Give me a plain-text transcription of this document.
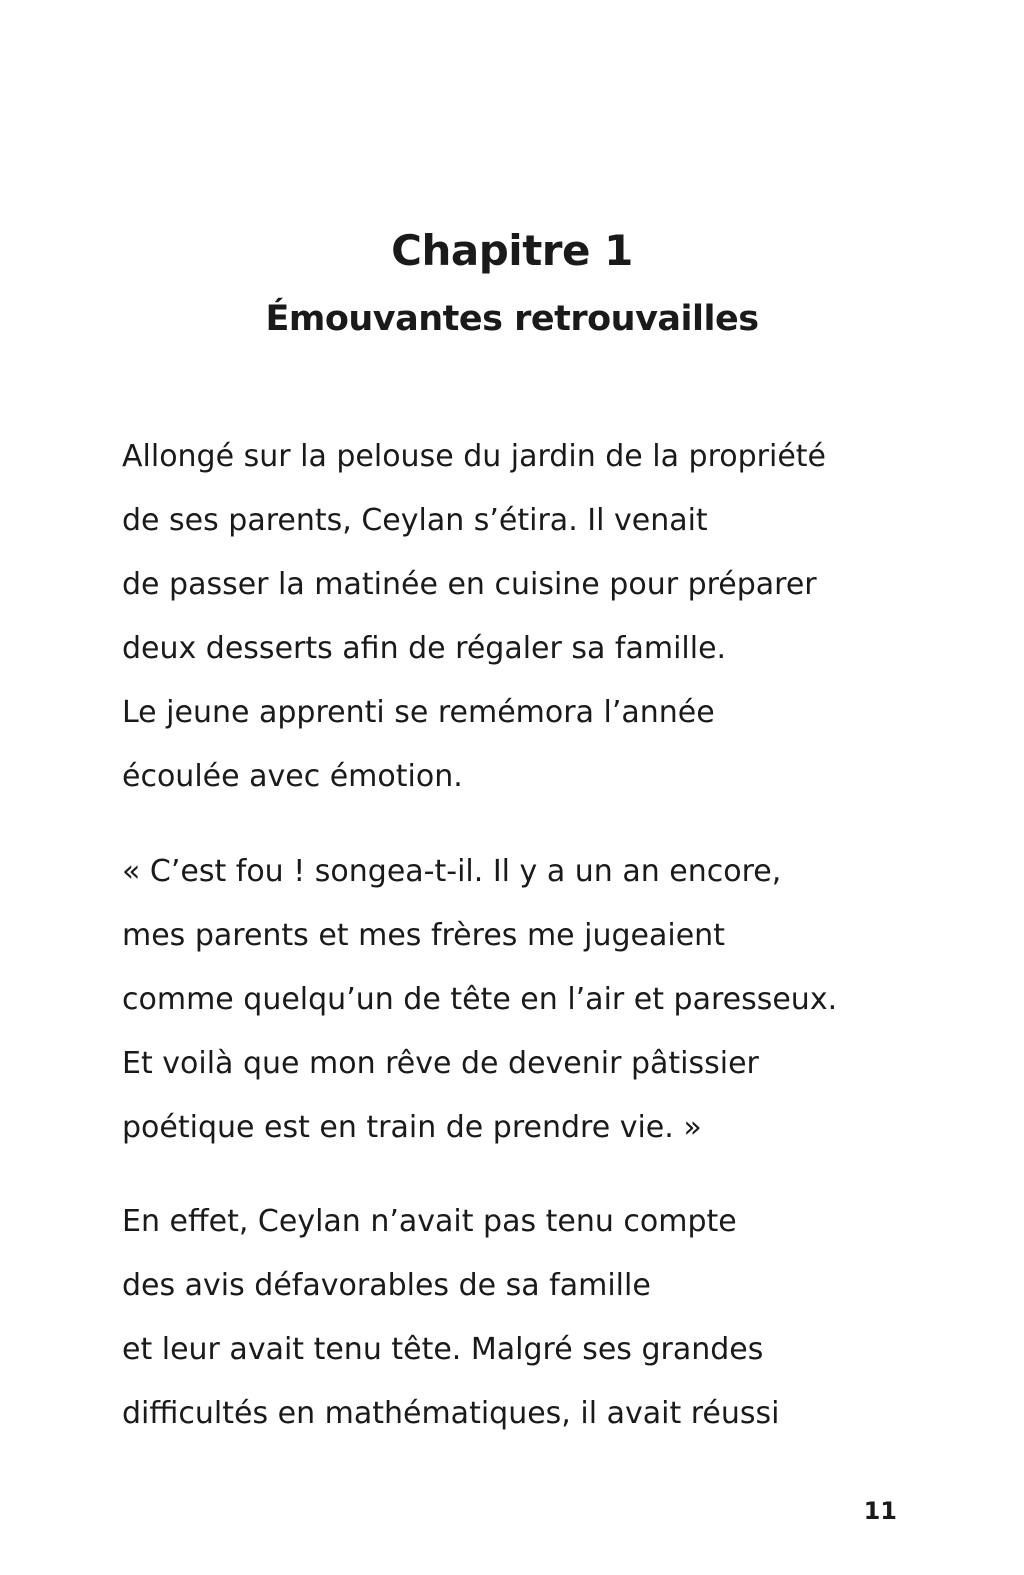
Chapitre 1
Émouvantes retrouvailles

Allongé sur la pelouse du jardin de la propriété
de ses parents, Ceylan s’étira. Il venait
de passer la matinée en cuisine pour préparer
deux desserts afin de régaler sa famille.
Le jeune apprenti se remémora l’année
écoulée avec émotion.

« C’est fou ! songea-t-il. Il y a un an encore,
mes parents et mes frères me jugeaient
comme quelqu’un de tête en l’air et paresseux.
Et voilà que mon rêve de devenir pâtissier
poétique est en train de prendre vie. »

En effet, Ceylan n’avait pas tenu compte
des avis défavorables de sa famille
et leur avait tenu tête. Malgré ses grandes
difficultés en mathématiques, il avait réussi

11
